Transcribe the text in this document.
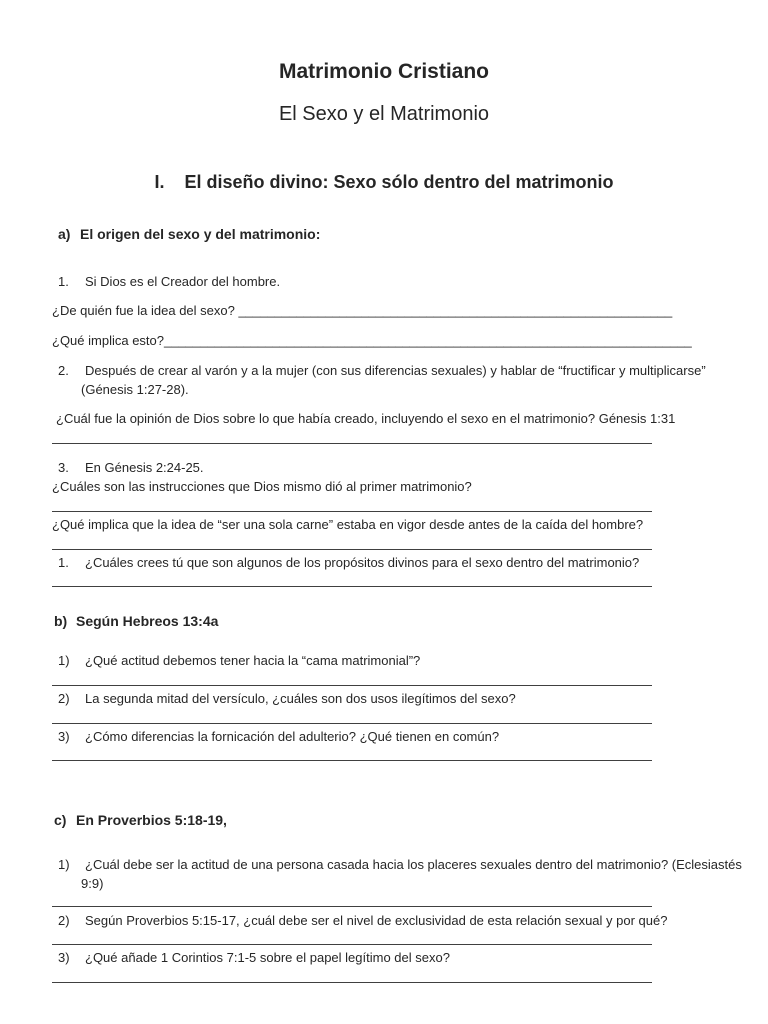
Matrimonio Cristiano
El Sexo y el Matrimonio
I. El diseño divino: Sexo sólo dentro del matrimonio
a) El origen del sexo y del matrimonio:
1. Si Dios es el Creador del hombre.
¿De quién fue la idea del sexo? ____________________________________________________________
¿Qué implica esto?_________________________________________________________________________
2. Después de crear al varón y a la mujer (con sus diferencias sexuales) y hablar de “fructificar y multiplicarse”
(Génesis 1:27-28).
¿Cuál fue la opinión de Dios sobre lo que había creado, incluyendo el sexo en el matrimonio? Génesis 1:31
3. En Génesis 2:24-25.
¿Cuáles son las instrucciones que Dios mismo dió al primer matrimonio?
¿Qué implica que la idea de “ser una sola carne” estaba en vigor desde antes de la caída del hombre?
1. ¿Cuáles crees tú que son algunos de los propósitos divinos para el sexo dentro del matrimonio?
b) Según Hebreos 13:4a
1) ¿Qué actitud debemos tener hacia la “cama matrimonial”?
2) La segunda mitad del versículo, ¿cuáles son dos usos ilegítimos del sexo?
3) ¿Cómo diferencias la fornicación del adulterio? ¿Qué tienen en común?
c) En Proverbios 5:18-19,
1) ¿Cuál debe ser la actitud de una persona casada hacia los placeres sexuales dentro del matrimonio? (Eclesiastés
9:9)
2) Según Proverbios 5:15-17, ¿cuál debe ser el nivel de exclusividad de esta relación sexual y por qué?
3) ¿Qué añade 1 Corintios 7:1-5 sobre el papel legítimo del sexo?
